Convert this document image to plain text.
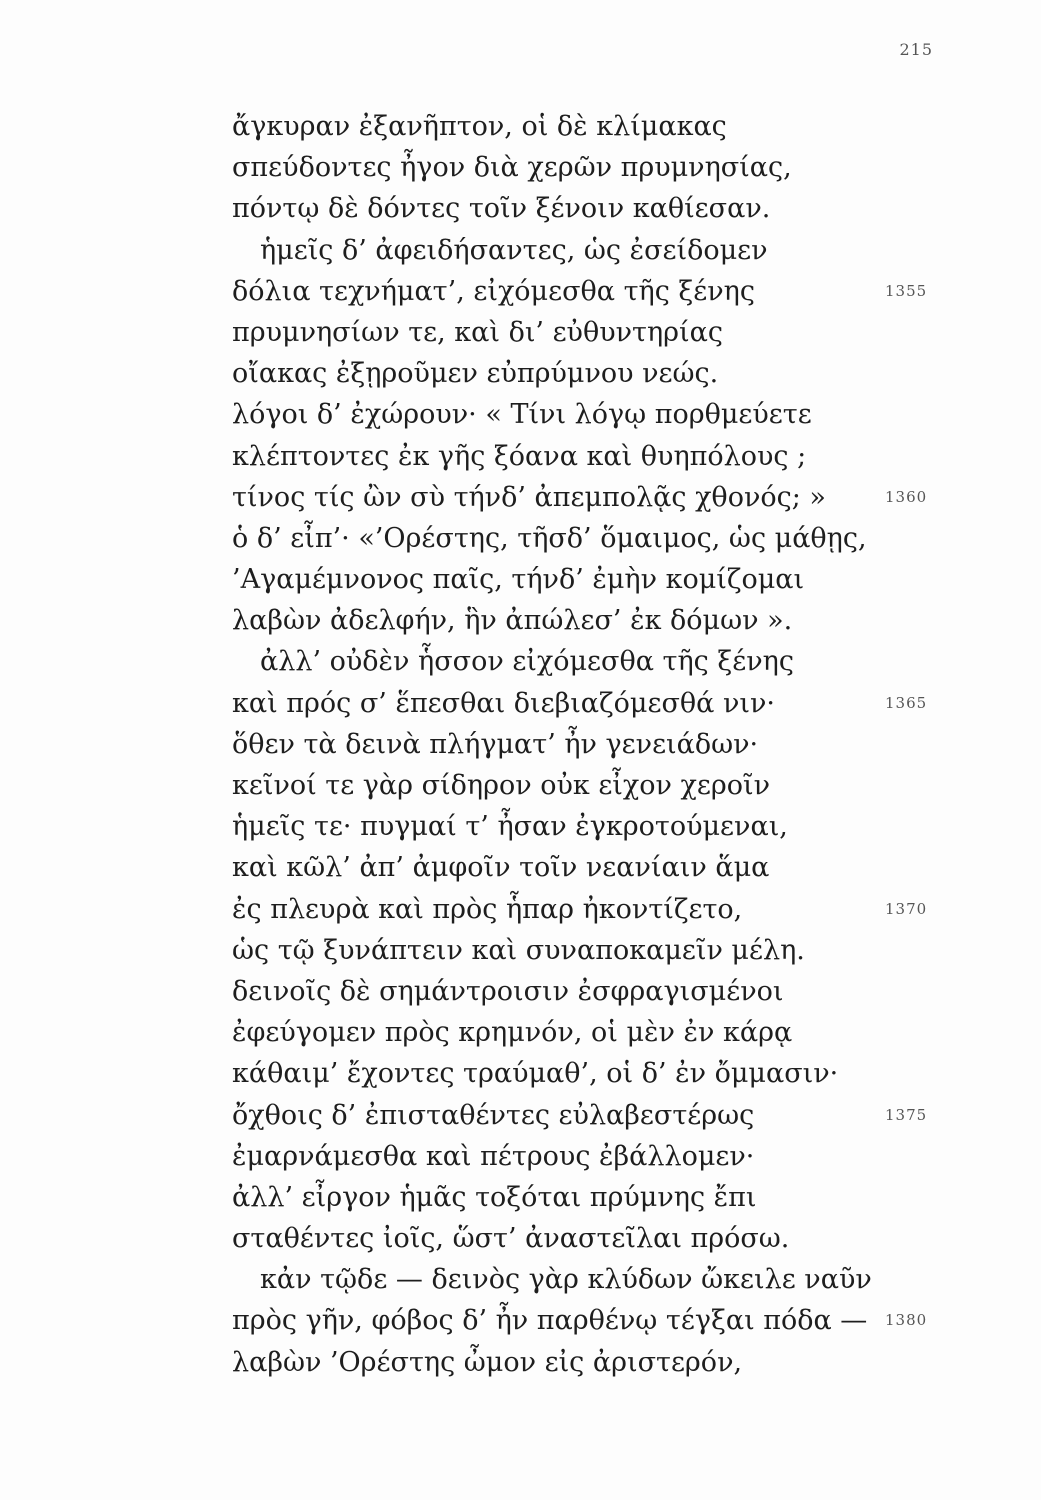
215
ἄγκυραν ἐξανῆπτον, οἱ δὲ κλίμακας
σπεύδοντες ἦγον διὰ χερῶν πρυμνησίας,
πόντῳ δὲ δόντες τοῖν ξένοιν καθίεσαν.
ἡμεῖς δ’ ἀφειδήσαντες, ὡς ἐσείδομεν
δόλια τεχνήματ’, εἰχόμεσθα τῆς ξένης	1355
πρυμνησίων τε, καὶ δι’ εὐθυντηρίας
οἴακας ἐξῃροῦμεν εὐπρύμνου νεώς.
λόγοι δ’ ἐχώρουν· « Τίνι λόγῳ πορθμεύετε
κλέπτοντες ἐκ γῆς ξόανα καὶ θυηπόλους ;
τίνος τίς ὢν σὺ τήνδ’ ἀπεμπολᾷς χθονός; »	1360
ὁ δ’ εἶπ’· «’Ορέστης, τῆσδ’ ὅμαιμος, ὡς μάθῃς,
’Αγαμέμνονος παῖς, τήνδ’ ἐμὴν κομίζομαι
λαβὼν ἀδελφήν, ἣν ἀπώλεσ’ ἐκ δόμων ».
ἀλλ’ οὐδὲν ἧσσον εἰχόμεσθα τῆς ξένης
καὶ πρός σ’ ἕπεσθαι διεβιαζόμεσθά νιν·	1365
ὅθεν τὰ δεινὰ πλήγματ’ ἦν γενειάδων·
κεῖνοί τε γὰρ σίδηρον οὐκ εἶχον χεροῖν
ἡμεῖς τε· πυγμαί τ’ ἦσαν ἐγκροτούμεναι,
καὶ κῶλ’ ἀπ’ ἀμφοῖν τοῖν νεανίαιν ἅμα
ἐς πλευρὰ καὶ πρὸς ἧπαρ ἠκοντίζετο,	1370
ὡς τῷ ξυνάπτειν καὶ συναποκαμεῖν μέλη.
δεινοῖς δὲ σημάντροισιν ἐσφραγισμένοι
ἐφεύγομεν πρὸς κρημνόν, οἱ μὲν ἐν κάρᾳ
κάθαιμ’ ἔχοντες τραύμαθ’, οἱ δ’ ἐν ὄμμασιν·
ὄχθοις δ’ ἐπισταθέντες εὐλαβεστέρως	1375
ἐμαρνάμεσθα καὶ πέτρους ἐβάλλομεν·
ἀλλ’ εἶργον ἡμᾶς τοξόται πρύμνης ἔπι
σταθέντες ἰοῖς, ὥστ’ ἀναστεῖλαι πρόσω.
κἀν τῷδε — δεινὸς γὰρ κλύδων ὤκειλε ναῦν
πρὸς γῆν, φόβος δ’ ἦν παρθένῳ τέγξαι πόδα — 1380
λαβὼν ’Ορέστης ὦμον εἰς ἀριστερόν,
